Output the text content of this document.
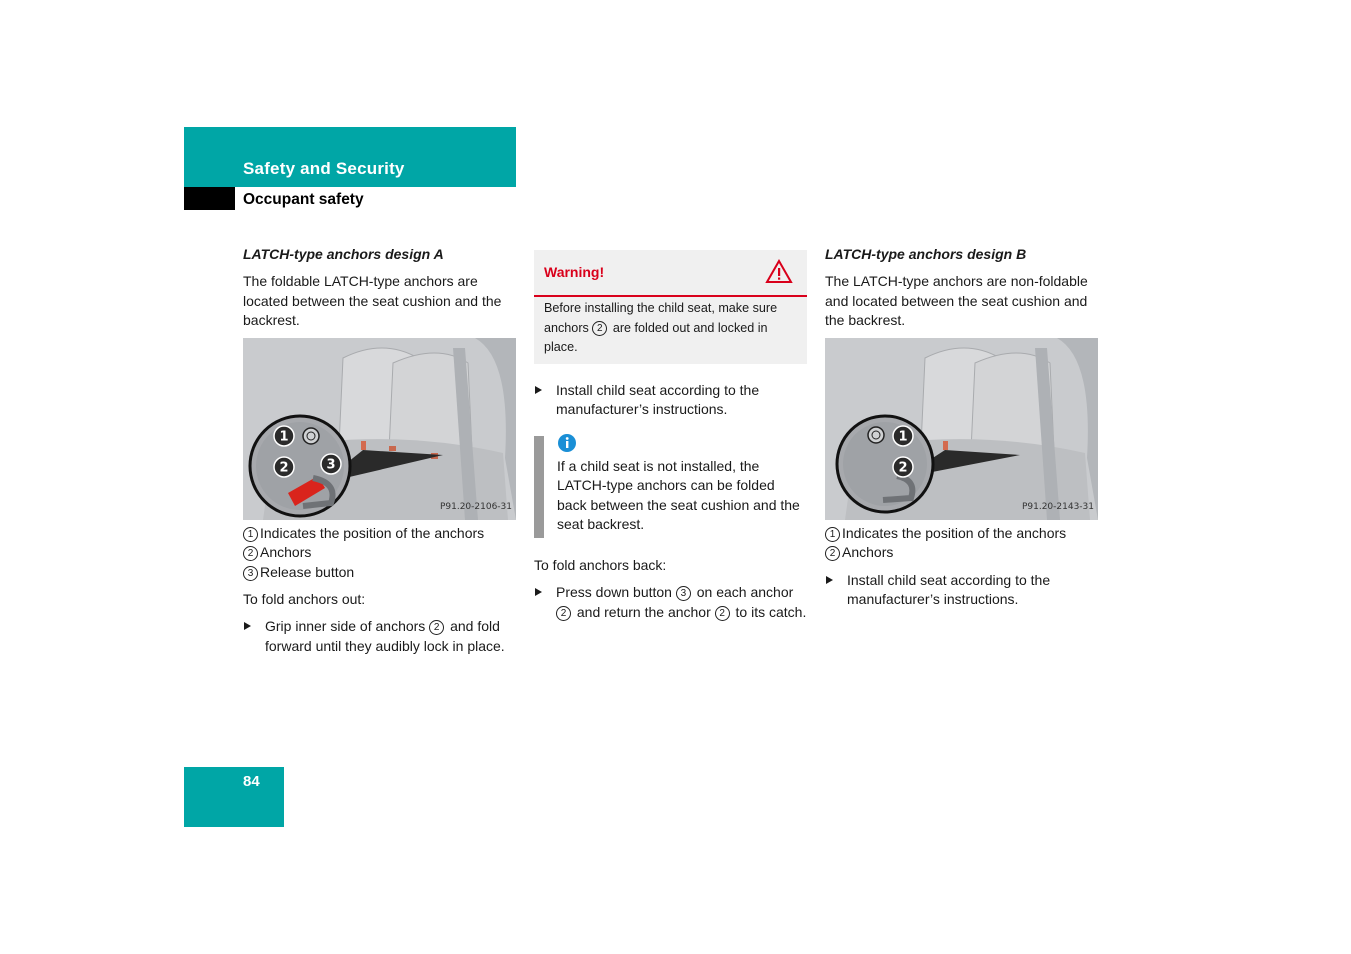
Safety and Security
Occupant safety

LATCH-type anchors design A

The foldable LATCH-type anchors are located between the seat cushion and the backrest.

1
2	3
P91.20-2106-31
1 Indicates the position of the anchors
2 Anchors
3 Release button

To fold anchors out:

Grip inner side of anchors 2 and fold forward until they audibly lock in place.

Warning!
Before installing the child seat, make sure anchors 2 are folded out and locked in place.

Install child seat according to the manufacturer’s instructions.

If a child seat is not installed, the LATCH-type anchors can be folded back between the seat cushion and the seat backrest.

To fold anchors back:

Press down button 3 on each anchor 2 and return the anchor 2 to its catch.

LATCH-type anchors design B

The LATCH-type anchors are non-foldable and located between the seat cushion and the backrest.

1
2
P91.20-2143-31
1 Indicates the position of the anchors
2 Anchors

Install child seat according to the manufacturer’s instructions.

84
